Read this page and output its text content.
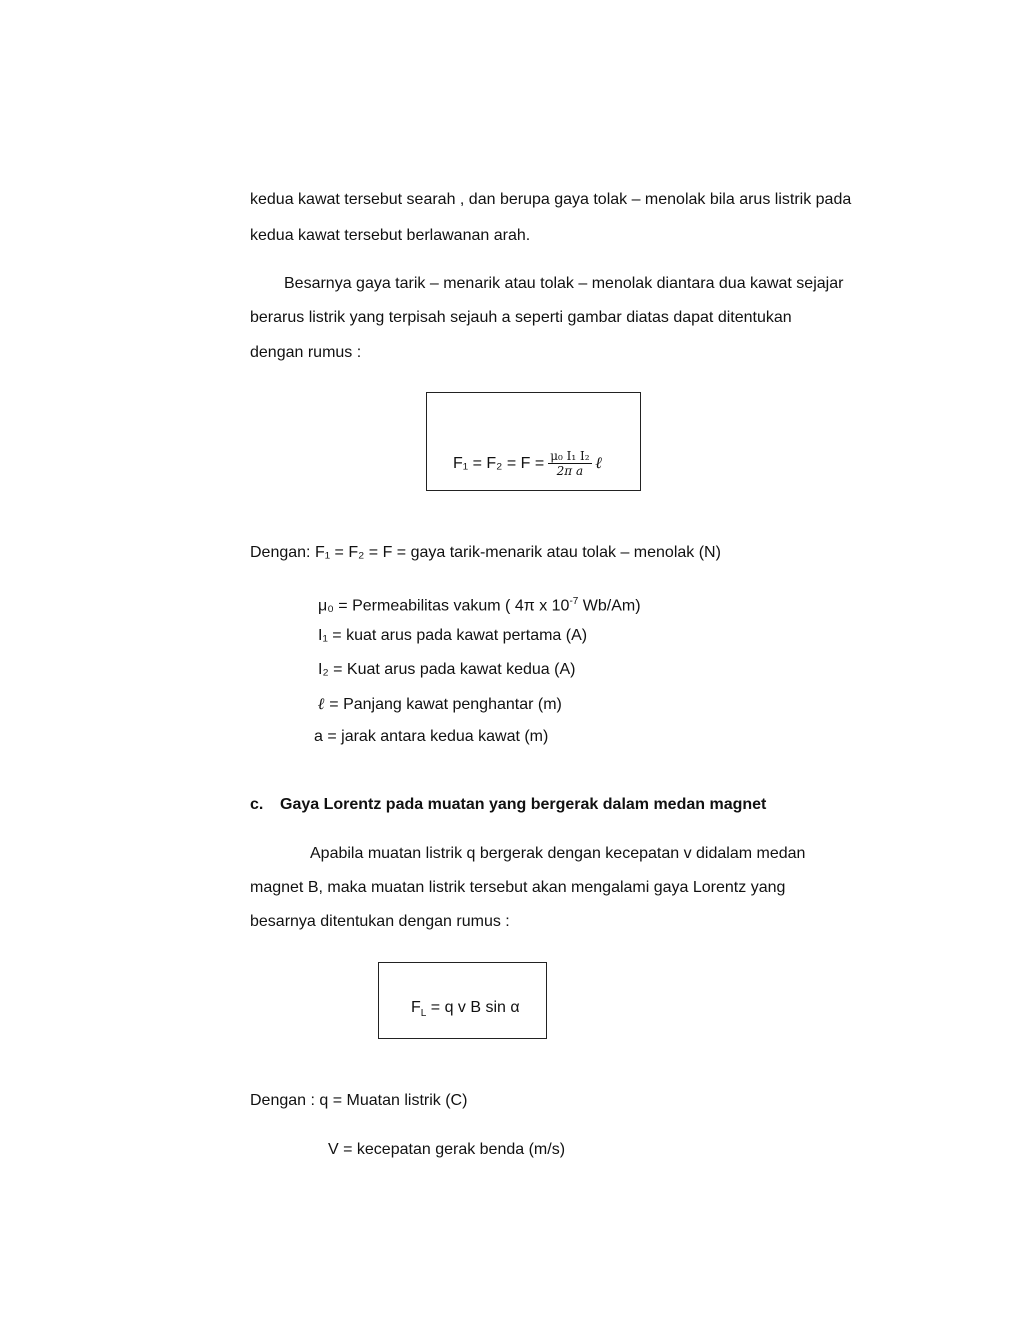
kedua kawat tersebut searah , dan berupa gaya tolak – menolak bila arus listrik pada
kedua kawat tersebut berlawanan arah.
Besarnya gaya tarik – menarik atau tolak – menolak diantara dua kawat sejajar
berarus listrik yang terpisah sejauh a seperti gambar diatas dapat ditentukan
dengan rumus :
$F_1 = F_2 = F = \frac{\text{μ₀ I₁ I₂}}{\text{2π a}}$ ℓ
Dengan: F₁ = F₂ = F = gaya tarik-menarik atau tolak – menolak (N)
μ₀ = Permeabilitas vakum ( 4π x $10^{-7}$ Wb/Am)
I₁ = kuat arus pada kawat pertama (A)
I₂ = Kuat arus pada kawat kedua (A)
ℓ = Panjang kawat penghantar (m)
a = jarak antara kedua kawat (m)
c. Gaya Lorentz pada muatan yang bergerak dalam medan magnet
Apabila muatan listrik q bergerak dengan kecepatan v didalam medan
magnet B, maka muatan listrik tersebut akan mengalami gaya Lorentz yang
besarnya ditentukan dengan rumus :
$F_L = q$ v B sin α
Dengan : q = Muatan listrik (C)
V = kecepatan gerak benda (m/s)
